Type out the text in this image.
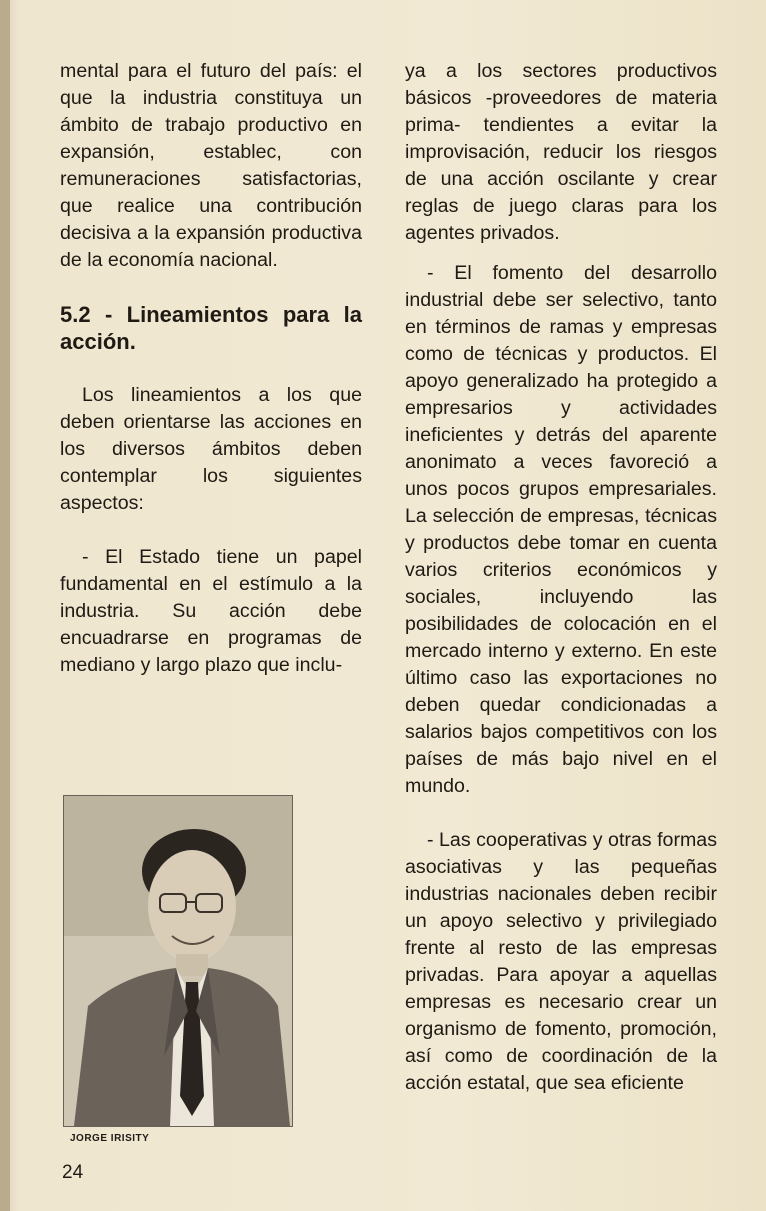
mental para el futuro del país: el que la industria constituya un ámbito de trabajo productivo en expansión, establec, con remuneraciones satisfactorias, que realice una contribución decisiva a la expansión productiva de la economía nacional.

5.2 - Lineamientos para la acción.

Los lineamientos a los que deben orientarse las acciones en los diversos ámbitos deben contemplar los siguientes aspectos:

- El Estado tiene un papel fundamental en el estímulo a la industria. Su acción debe encuadrarse en programas de mediano y largo plazo que inclu-

ya a los sectores productivos básicos -proveedores de materia prima- tendientes a evitar la improvisación, reducir los riesgos de una acción oscilante y crear reglas de juego claras para los agentes privados.

- El fomento del desarrollo industrial debe ser selectivo, tanto en términos de ramas y empresas como de técnicas y productos. El apoyo generalizado ha protegido a empresarios y actividades ineficientes y detrás del aparente anonimato a veces favoreció a unos pocos grupos empresariales. La selección de empresas, técnicas y productos debe tomar en cuenta varios criterios económicos y sociales, incluyendo las posibilidades de colocación en el mercado interno y externo. En este último caso las exportaciones no deben quedar condicionadas a salarios bajos competitivos con los países de más bajo nivel en el mundo.

- Las cooperativas y otras formas asociativas y las pequeñas industrias nacionales deben recibir un apoyo selectivo y privilegiado frente al resto de las empresas privadas. Para apoyar a aquellas empresas es necesario crear un organismo de fomento, promoción, así como de coordinación de la acción estatal, que sea eficiente

JORGE IRISITY
24
